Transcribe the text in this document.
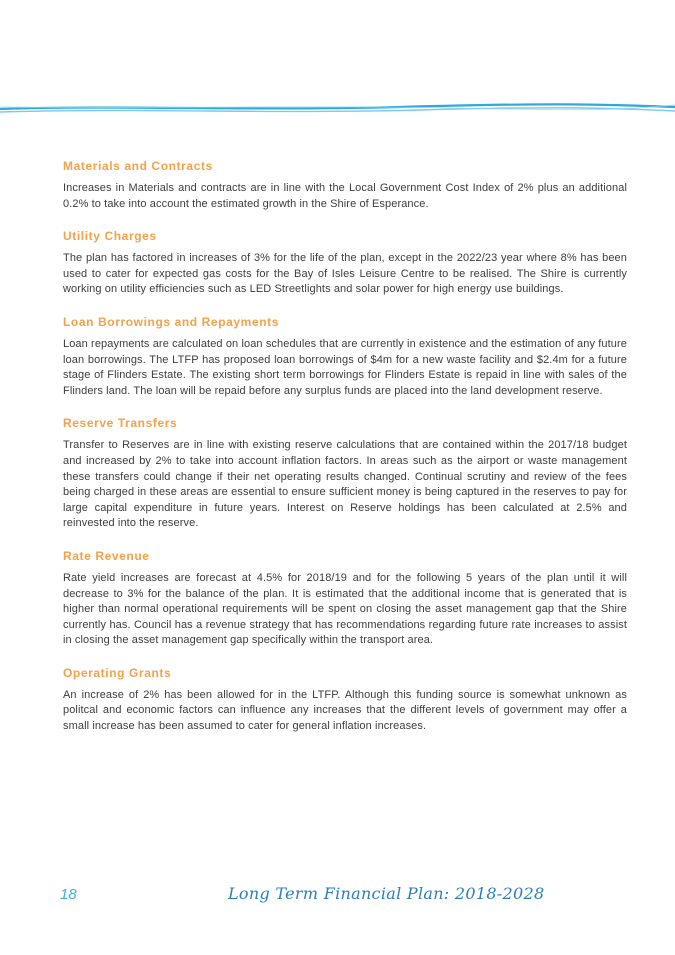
Materials and Contracts

Increases in Materials and contracts are in line with the Local Government Cost Index of 2% plus an additional 0.2% to take into account the estimated growth in the Shire of Esperance.

Utility Charges

The plan has factored in increases of 3% for the life of the plan, except in the 2022/23 year where 8% has been used to cater for expected gas costs for the Bay of Isles Leisure Centre to be realised. The Shire is currently working on utility efficiencies such as LED Streetlights and solar power for high energy use buildings.

Loan Borrowings and Repayments

Loan repayments are calculated on loan schedules that are currently in existence and the estimation of any future loan borrowings. The LTFP has proposed loan borrowings of $4m for a new waste facility and $2.4m for a future stage of Flinders Estate. The existing short term borrowings for Flinders Estate is repaid in line with sales of the Flinders land. The loan will be repaid before any surplus funds are placed into the land development reserve.

Reserve Transfers

Transfer to Reserves are in line with existing reserve calculations that are contained within the 2017/18 budget and increased by 2% to take into account inflation factors. In areas such as the airport or waste management these transfers could change if their net operating results changed. Continual scrutiny and review of the fees being charged in these areas are essential to ensure sufficient money is being captured in the reserves to pay for large capital expenditure in future years. Interest on Reserve holdings has been calculated at 2.5% and reinvested into the reserve.

Rate Revenue

Rate yield increases are forecast at 4.5% for 2018/19 and for the following 5 years of the plan until it will decrease to 3% for the balance of the plan. It is estimated that the additional income that is generated that is higher than normal operational requirements will be spent on closing the asset management gap that the Shire currently has. Council has a revenue strategy that has recommendations regarding future rate increases to assist in closing the asset management gap specifically within the transport area.

Operating Grants

An increase of 2% has been allowed for in the LTFP. Although this funding source is somewhat unknown as politcal and economic factors can influence any increases that the different levels of government may offer a small increase has been assumed to cater for general inflation increases.

18	Long Term Financial Plan: 2018-2028
